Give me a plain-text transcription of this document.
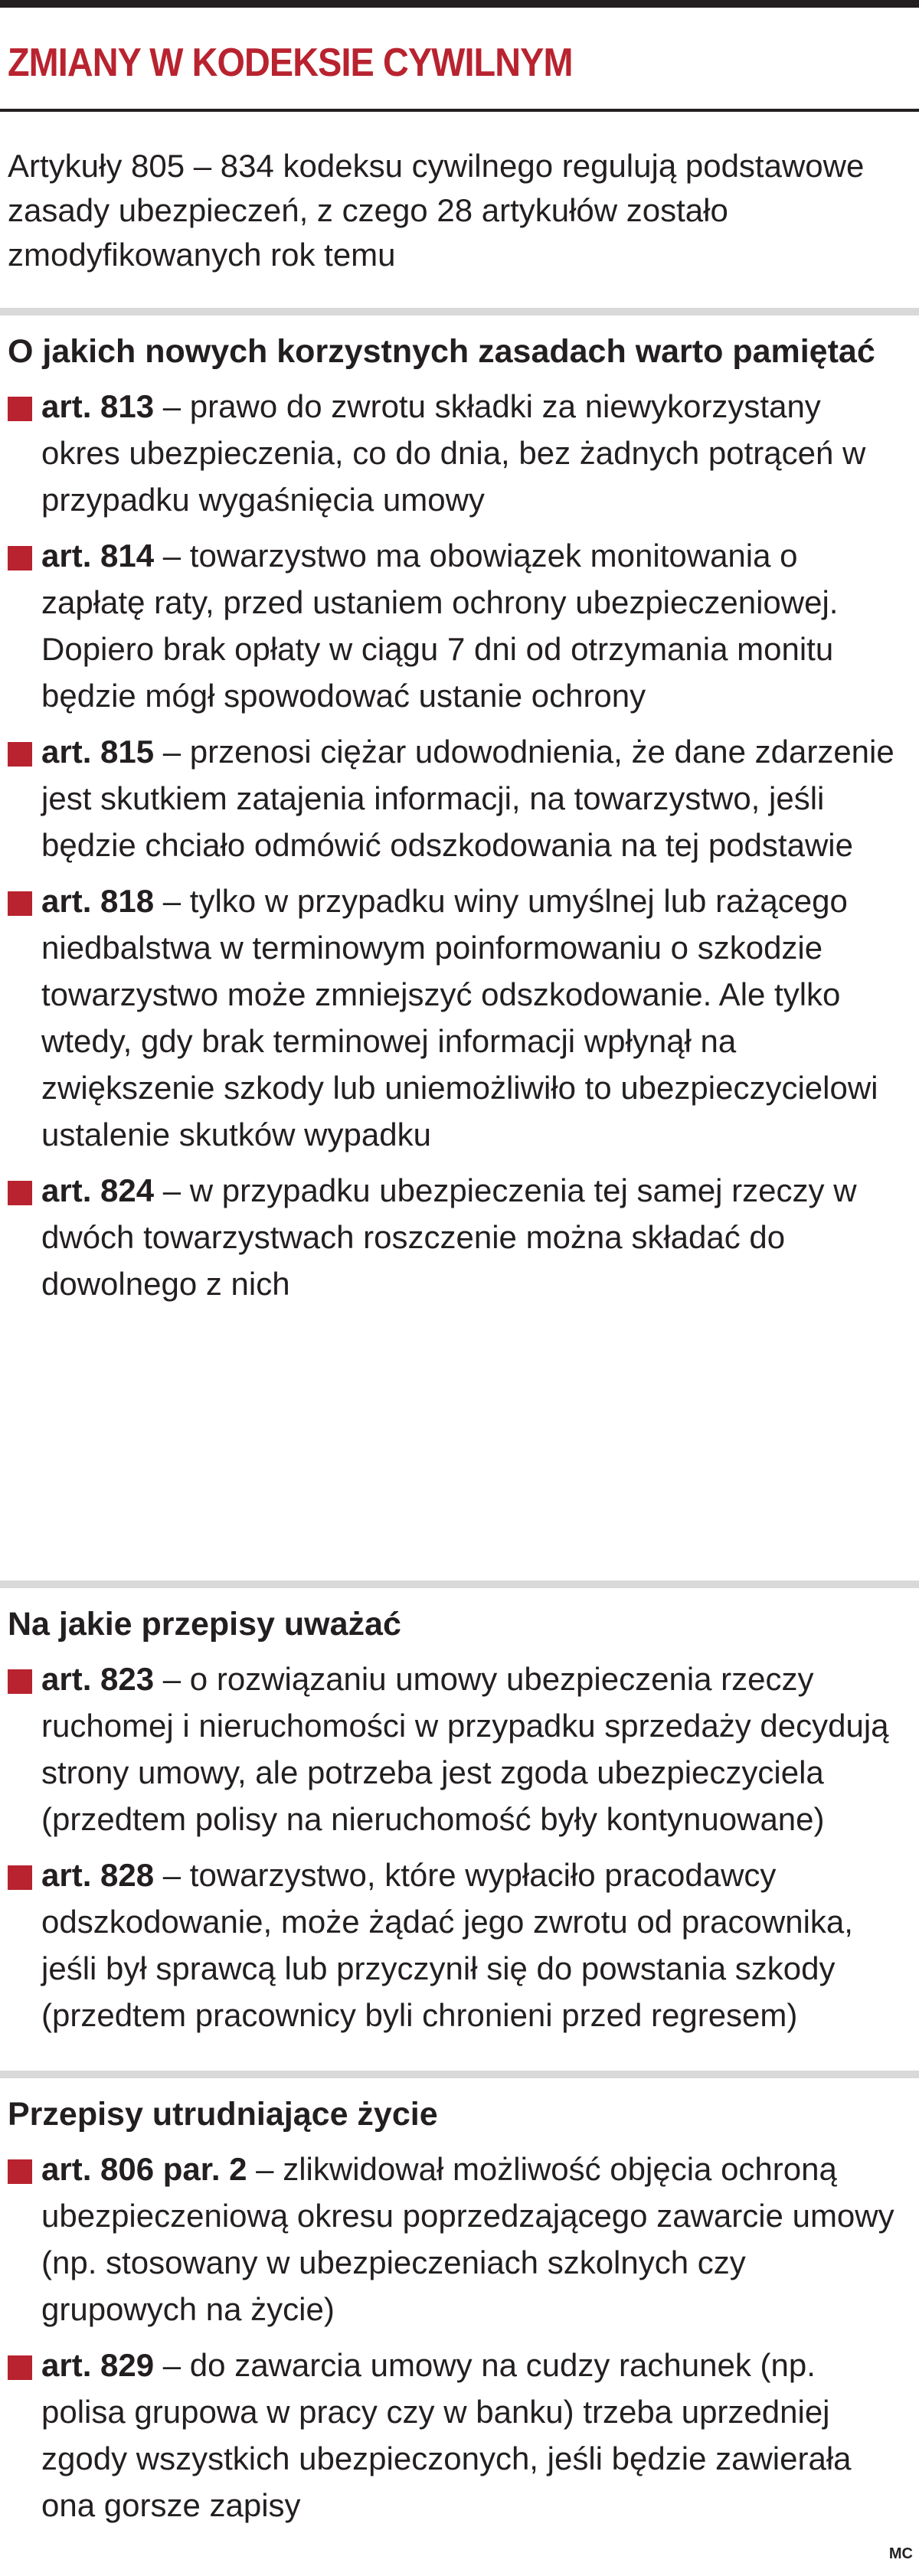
ZMIANY W KODEKSIE CYWILNYM
Artykuły 805 – 834 kodeksu cywilnego regulują podstawowe zasady ubezpieczeń, z czego 28 artykułów zostało zmodyfikowanych rok temu

O jakich nowych korzystnych zasadach warto pamiętać

art. 813 – prawo do zwrotu składki za niewykorzystany okres ubezpieczenia, co do dnia, bez żadnych potrąceń w przypadku wygaśnięcia umowy
art. 814 – towarzystwo ma obowiązek monitowania o zapłatę raty, przed ustaniem ochrony ubezpieczeniowej. Dopiero brak opłaty w ciągu 7 dni od otrzymania monitu będzie mógł spowodować ustanie ochrony
art. 815 – przenosi ciężar udowodnienia, że dane zdarzenie jest skutkiem zatajenia informacji, na towarzystwo, jeśli będzie chciało odmówić odszkodowania na tej podstawie
art. 818 – tylko w przypadku winy umyślnej lub rażącego niedbalstwa w terminowym poinformowaniu o szkodzie towarzystwo może zmniejszyć odszkodowanie. Ale tylko wtedy, gdy brak terminowej informacji wpłynął na zwiększenie szkody lub uniemożliwiło to ubezpieczycielowi ustalenie skutków wypadku
art. 824 – w przypadku ubezpieczenia tej samej rzeczy w dwóch towarzystwach roszczenie można składać do dowolnego z nich

Na jakie przepisy uważać

art. 823 – o rozwiązaniu umowy ubezpieczenia rzeczy ruchomej i nieruchomości w przypadku sprzedaży decydują strony umowy, ale potrzeba jest zgoda ubezpieczyciela (przedtem polisy na nieruchomość były kontynuowane)
art. 828 – towarzystwo, które wypłaciło pracodawcy odszkodowanie, może żądać jego zwrotu od pracownika, jeśli był sprawcą lub przyczynił się do powstania szkody (przedtem pracownicy byli chronieni przed regresem)

Przepisy utrudniające życie

art. 806 par. 2 – zlikwidował możliwość objęcia ochroną ubezpieczeniową okresu poprzedzającego zawarcie umowy (np. stosowany w ubezpieczeniach szkolnych czy grupowych na życie)
art. 829 – do zawarcia umowy na cudzy rachunek (np. polisa grupowa w pracy czy w banku) trzeba uprzedniej zgody wszystkich ubezpieczonych, jeśli będzie zawierała ona gorsze zapisy
MC
